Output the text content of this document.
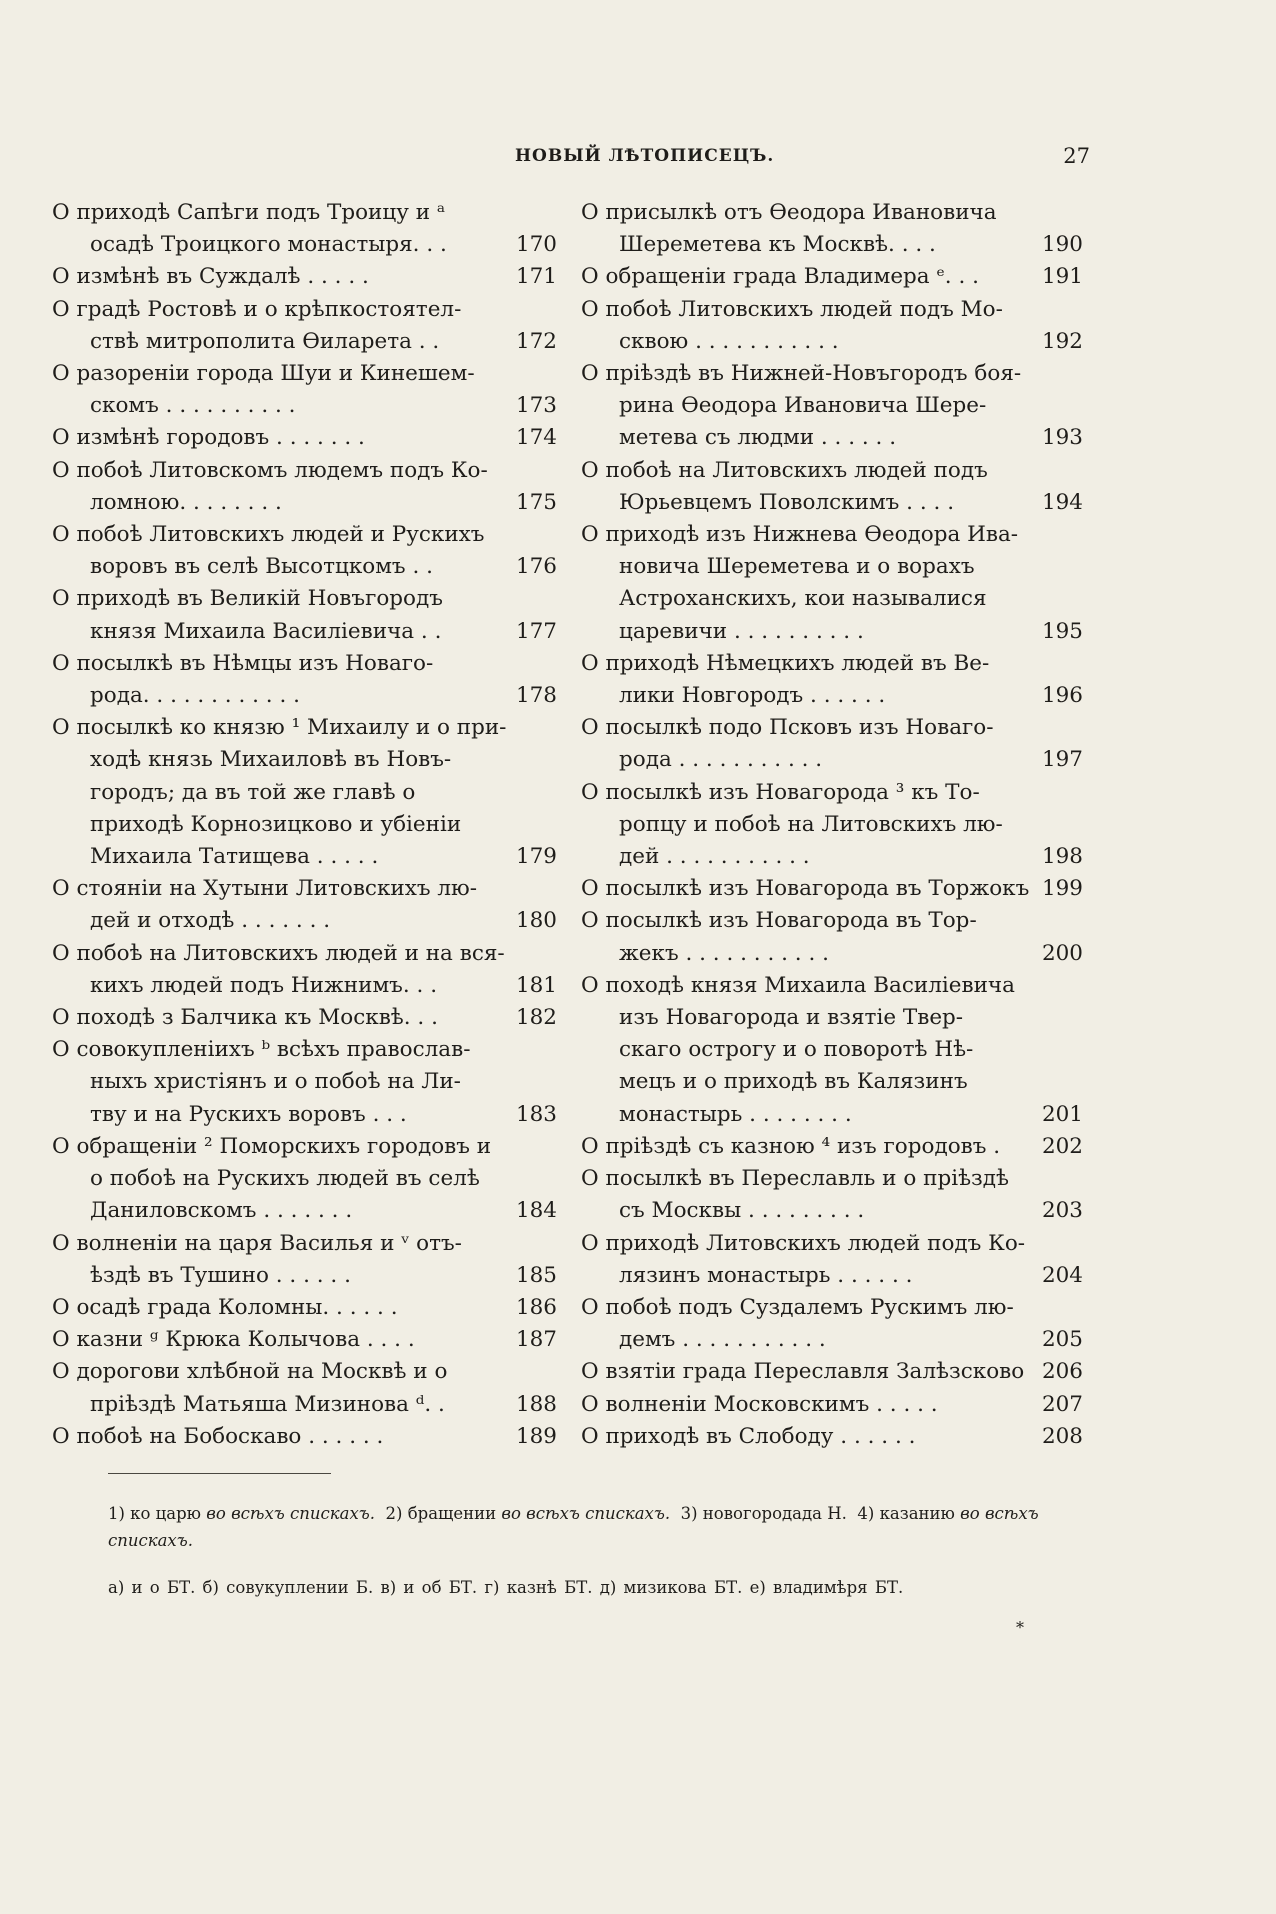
НОВЫЙ ЛѢТОПИСЕЦЪ.	27
О приходѣ Сапѣги подъ Троицу и ᵃ
осадѣ Троицкого монастыря. . .	170
О измѣнѣ въ Суждалѣ . . . . .	171
О градѣ Ростовѣ и о крѣпкостоятел-
ствѣ митрополита Ѳиларета . .	172
О разореніи города Шуи и Кинешем-
скомъ . . . . . . . . . .	173
О измѣнѣ городовъ . . . . . . .	174
О побоѣ Литовскомъ людемъ подъ Ко-
ломною. . . . . . . .	175
О побоѣ Литовскихъ людей и Рускихъ
воровъ въ селѣ Высотцкомъ . .	176
О приходѣ въ Великій Новъгородъ
князя Михаила Василіевича . .	177
О посылкѣ въ Нѣмцы изъ Новаго-
рода. . . . . . . . . . . .	178
О посылкѣ ко князю ¹ Михаилу и о при-
ходѣ князь Михаиловѣ въ Новъ-
городъ; да въ той же главѣ о
приходѣ Корнозицково и убіеніи
Михаила Татищева . . . . .	179
О стояніи на Хутыни Литовскихъ лю-
дей и отходѣ . . . . . . .	180
О побоѣ на Литовскихъ людей и на вся-
кихъ людей подъ Нижнимъ. . .	181
О походѣ з Балчика къ Москвѣ. . .	182
О совокупленіихъ ᵇ всѣхъ православ-
ныхъ христіянъ и о побоѣ на Ли-
тву и на Рускихъ воровъ . . .	183
О обращеніи ² Поморскихъ городовъ и
о побоѣ на Рускихъ людей въ селѣ
Даниловскомъ . . . . . . .	184
О волненіи на царя Василья и ᵛ отъ-
ѣздѣ въ Тушино . . . . . .	185
О осадѣ града Коломны. . . . . .	186
О казни ᵍ Крюка Колычова . . . .	187
О дорогови хлѣбной на Москвѣ и о
пріѣздѣ Матьяша Мизинова ᵈ. .	188
О побоѣ на Бобоскаво . . . . . .	189
О присылкѣ отъ Ѳеодора Ивановича
Шереметева къ Москвѣ. . . .	190
О обращеніи града Владимера ᵉ. . .	191
О побоѣ Литовскихъ людей подъ Мо-
сквою . . . . . . . . . . .	192
О пріѣздѣ въ Нижней-Новъгородъ боя-
рина Ѳеодора Ивановича Шере-
метева съ людми . . . . . .	193
О побоѣ на Литовскихъ людей подъ
Юрьевцемъ Поволскимъ . . . .	194
О приходѣ изъ Нижнева Ѳеодора Ива-
новича Шереметева и о ворахъ
Астроханскихъ, кои называлися
царевичи . . . . . . . . . .	195
О приходѣ Нѣмецкихъ людей въ Ве-
лики Новгородъ . . . . . .	196
О посылкѣ подо Псковъ изъ Новаго-
рода . . . . . . . . . . .	197
О посылкѣ изъ Новагорода ³ къ То-
ропцу и побоѣ на Литовскихъ лю-
дей . . . . . . . . . . .	198
О посылкѣ изъ Новагорода въ Торжокъ 199
О посылкѣ изъ Новагорода въ Тор-
жекъ . . . . . . . . . . .	200
О походѣ князя Михаила Василіевича
изъ Новагорода и взятіе Твер-
скаго острогу и о поворотѣ Нѣ-
мецъ и о приходѣ въ Калязинъ
монастырь . . . . . . . .	201
О пріѣздѣ съ казною ⁴ изъ городовъ .	202
О посылкѣ въ Переславль и о пріѣздѣ
съ Москвы . . . . . . . . .	203
О приходѣ Литовскихъ людей подъ Ко-
лязинъ монастырь . . . . . .	204
О побоѣ подъ Суздалемъ Рускимъ лю-
демъ . . . . . . . . . . .	205
О взятіи града Переславля Залѣзсково 206
О волненіи Московскимъ . . . . .	207
О приходѣ въ Слободу . . . . . .	208
1) ко царю во всѣхъ спискахъ. 2) бращении во всѣхъ спискахъ. 3) новогородада Н. 4) казанию во всѣхъ спискахъ.
а) и о БТ. б) совукуплении Б. в) и об БТ. г) казнѣ БТ. д) мизикова БТ. е) владимѣря БТ.
*
